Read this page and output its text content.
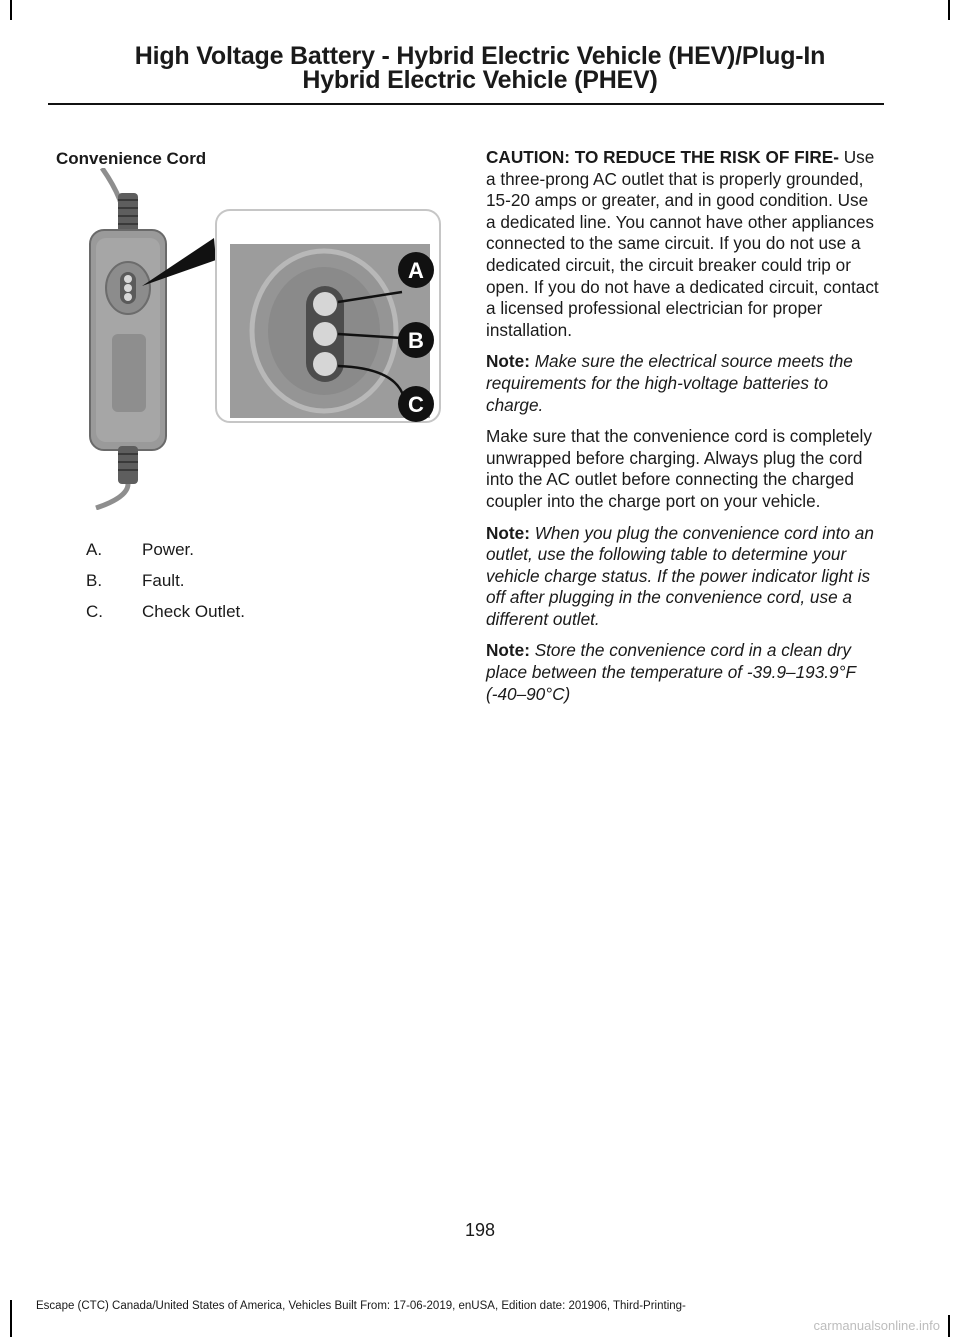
High Voltage Battery - Hybrid Electric Vehicle (HEV)/Plug-In
Hybrid Electric Vehicle (PHEV)
Convenience Cord
A
B
C
A.	Power.
B.	Fault.
C.	Check Outlet.

CAUTION: TO REDUCE THE RISK OF FIRE- Use a three-prong AC outlet that is properly grounded, 15-20 amps or greater, and in good condition. Use a dedicated line. You cannot have other appliances connected to the same circuit. If you do not use a dedicated circuit, the circuit breaker could trip or open. If you do not have a dedicated circuit, contact a licensed professional electrician for proper installation.

Note: Make sure the electrical source meets the requirements for the high-voltage batteries to charge.

Make sure that the convenience cord is completely unwrapped before charging. Always plug the cord into the AC outlet before connecting the charged coupler into the charge port on your vehicle.

Note: When you plug the convenience cord into an outlet, use the following table to determine your vehicle charge status. If the power indicator light is off after plugging in the convenience cord, use a different outlet.

Note: Store the convenience cord in a clean dry place between the temperature of -39.9–193.9°F (-40–90°C)

198
Escape (CTC) Canada/United States of America, Vehicles Built From: 17-06-2019, enUSA, Edition date: 201906, Third-Printing-
carmanualsonline.info
